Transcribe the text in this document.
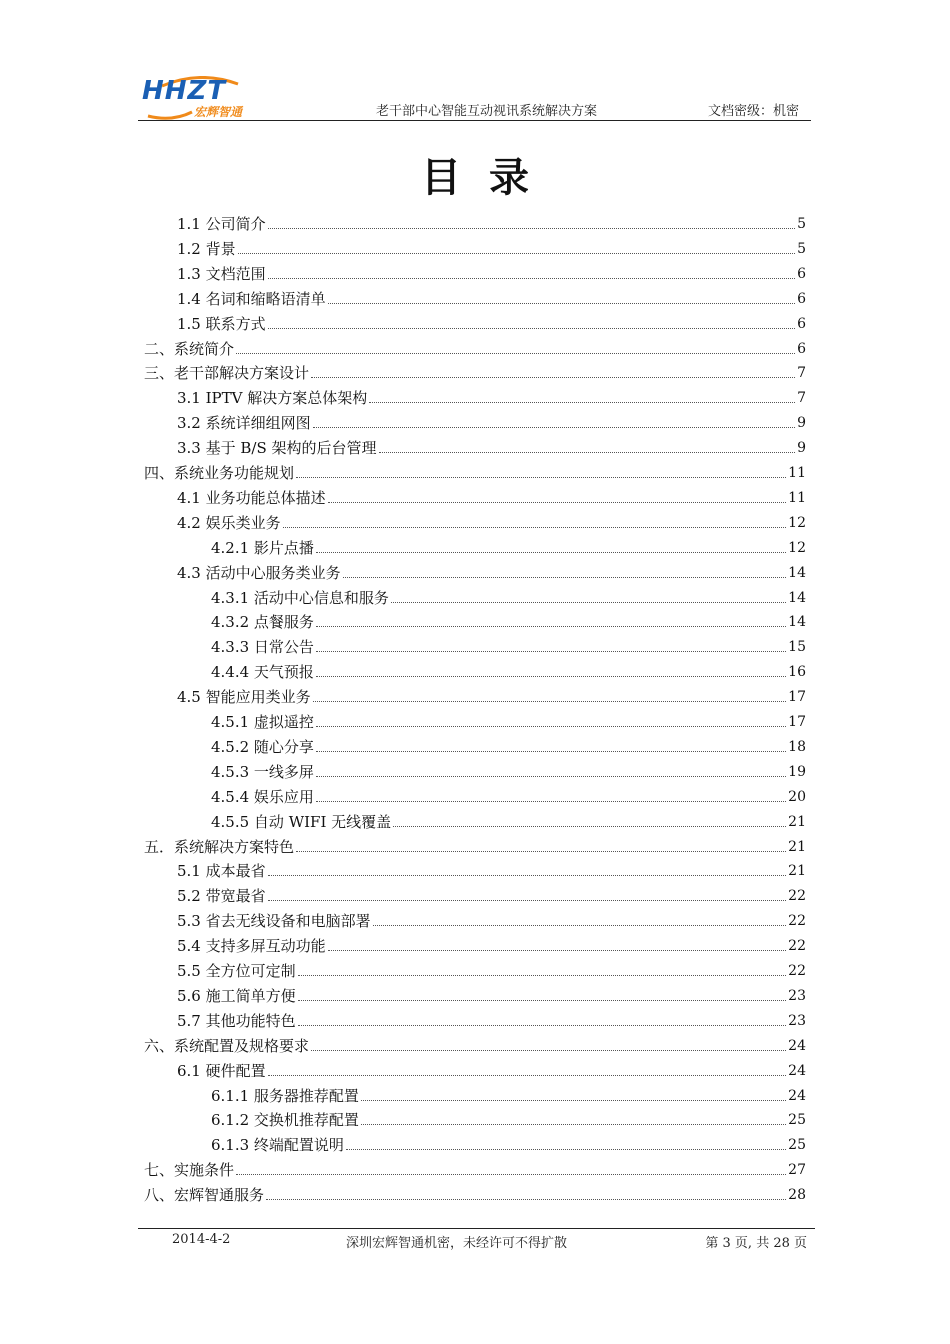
HHZT
宏辉智通	老干部中心智能互动视讯系统解决方案	文档密级：机密
目录
1.1 公司简介	5
1.2 背景	5
1.3 文档范围	6
1.4 名词和缩略语清单	6
1.5 联系方式	6
二、系统简介	6
三、老干部解决方案设计	7
3.1 IPTV 解决方案总体架构	7
3.2 系统详细组网图	9
3.3 基于 B/S 架构的后台管理	9
四、系统业务功能规划	11
4.1 业务功能总体描述	11
4.2 娱乐类业务	12
4.2.1 影片点播	12
4.3 活动中心服务类业务	14
4.3.1 活动中心信息和服务	14
4.3.2 点餐服务	14
4.3.3 日常公告	15
4.4.4 天气预报	16
4.5 智能应用类业务	17
4.5.1 虚拟遥控	17
4.5.2 随心分享	18
4.5.3 一线多屏	19
4.5.4 娱乐应用	20
4.5.5 自动 WIFI 无线覆盖	21
五．系统解决方案特色	21
5.1 成本最省	21
5.2 带宽最省	22
5.3 省去无线设备和电脑部署	22
5.4 支持多屏互动功能	22
5.5 全方位可定制	22
5.6 施工简单方便	23
5.7 其他功能特色	23
六、系统配置及规格要求	24
6.1 硬件配置	24
6.1.1 服务器推荐配置	24
6.1.2 交换机推荐配置	25
6.1.3 终端配置说明	25
七、实施条件	27
八、宏辉智通服务	28
2014-4-2	深圳宏辉智通机密，未经许可不得扩散	第 3 页, 共 28 页
